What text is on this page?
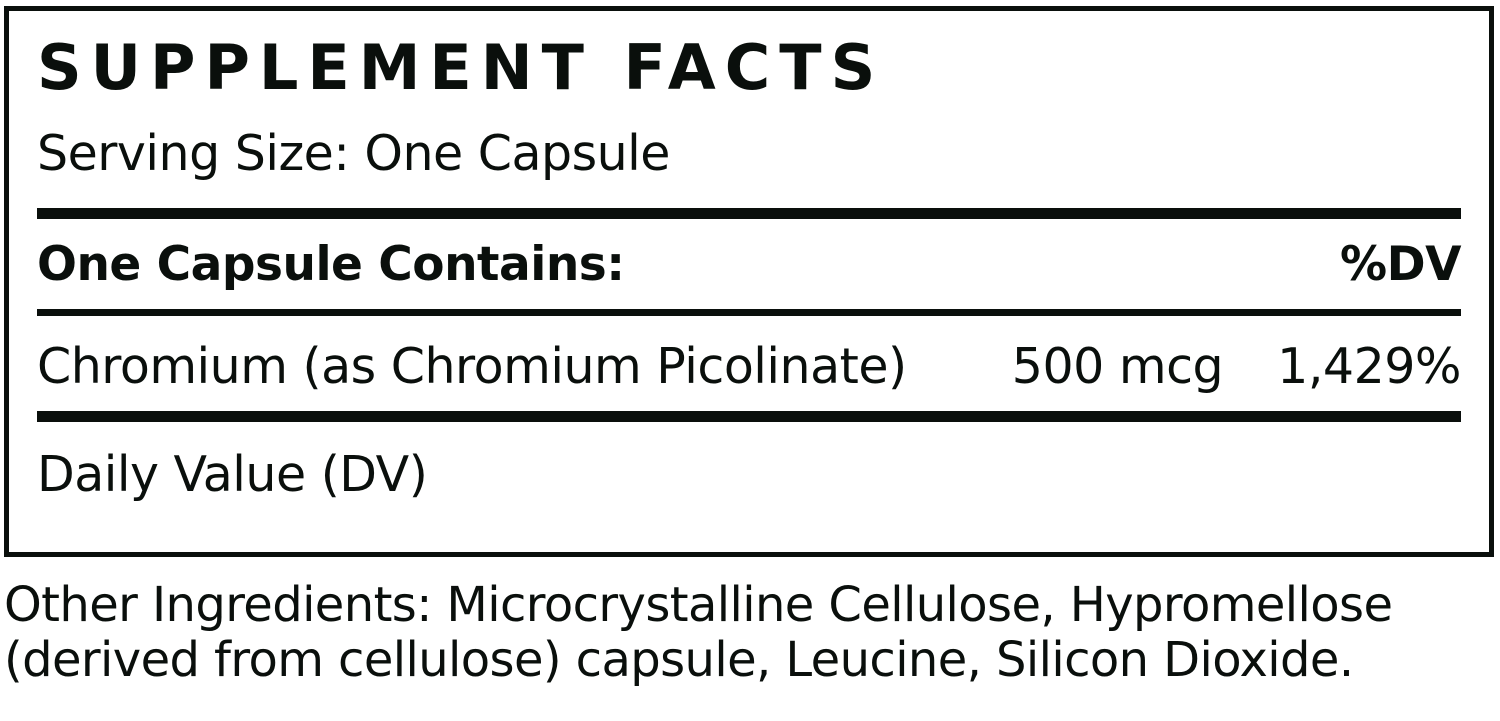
SUPPLEMENT FACTS
Serving Size: One Capsule
One Capsule Contains:	%DV
Chromium (as Chromium Picolinate) 500 mcg	1,429%
Daily Value (DV)
Other Ingredients: Microcrystalline Cellulose, Hypromellose (derived from cellulose) capsule, Leucine, Silicon Dioxide.
